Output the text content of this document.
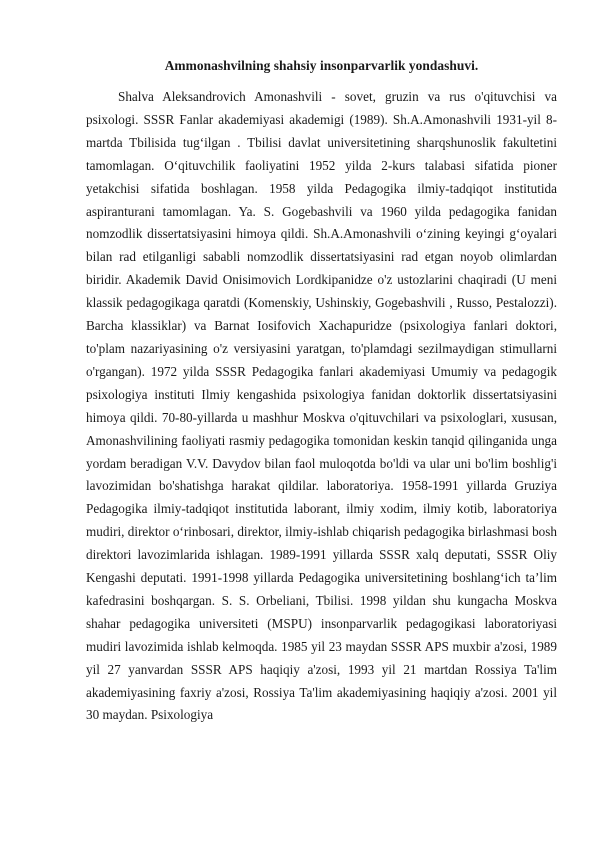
Ammonashvilning shahsiy insonparvarlik yondashuvi.

Shalva Aleksandrovich Amonashvili - sovet, gruzin va rus o'qituvchisi va psixologi. SSSR Fanlar akademiyasi akademigi (1989). Sh.A.Amonashvili 1931-yil 8-martda Tbilisida tug‘ilgan . Tbilisi davlat universitetining sharqshunoslik fakultetini tamomlagan. O‘qituvchilik faoliyatini 1952 yilda 2-kurs talabasi sifatida pioner yetakchisi sifatida boshlagan. 1958 yilda Pedagogika ilmiy-tadqiqot institutida aspiranturani tamomlagan. Ya. S. Gogebashvili va 1960 yilda pedagogika fanidan nomzodlik dissertatsiyasini himoya qildi. Sh.A.Amonashvili o‘zining keyingi g‘oyalari bilan rad etilganligi sababli nomzodlik dissertatsiyasini rad etgan noyob olimlardan biridir. Akademik David Onisimovich Lordkipanidze o'z ustozlarini chaqiradi (U meni klassik pedagogikaga qaratdi (Komenskiy, Ushinskiy, Gogebashvili , Russo, Pestalozzi). Barcha klassiklar) va Barnat Iosifovich Xachapuridze (psixologiya fanlari doktori, to'plam nazariyasining o'z versiyasini yaratgan, to'plamdagi sezilmaydigan stimullarni o'rgangan). 1972 yilda SSSR Pedagogika fanlari akademiyasi Umumiy va pedagogik psixologiya instituti Ilmiy kengashida psixologiya fanidan doktorlik dissertatsiyasini himoya qildi. 70-80-yillarda u mashhur Moskva o'qituvchilari va psixologlari, xususan, Amonashvilining faoliyati rasmiy pedagogika tomonidan keskin tanqid qilinganida unga yordam beradigan V.V. Davydov bilan faol muloqotda bo'ldi va ular uni bo'lim boshlig'i lavozimidan bo'shatishga harakat qildilar. laboratoriya. 1958-1991 yillarda Gruziya Pedagogika ilmiy-tadqiqot institutida laborant, ilmiy xodim, ilmiy kotib, laboratoriya mudiri, direktor o‘rinbosari, direktor, ilmiy-ishlab chiqarish pedagogika birlashmasi bosh direktori lavozimlarida ishlagan. 1989-1991 yillarda SSSR xalq deputati, SSSR Oliy Kengashi deputati. 1991-1998 yillarda Pedagogika universitetining boshlang‘ich ta’lim kafedrasini boshqargan. S. S. Orbeliani, Tbilisi. 1998 yildan shu kungacha Moskva shahar pedagogika universiteti (MSPU) insonparvarlik pedagogikasi laboratoriyasi mudiri lavozimida ishlab kelmoqda. 1985 yil 23 maydan SSSR APS muxbir a'zosi, 1989 yil 27 yanvardan SSSR APS haqiqiy a'zosi, 1993 yil 21 martdan Rossiya Ta'lim akademiyasining faxriy a'zosi, Rossiya Ta'lim akademiyasining haqiqiy a'zosi. 2001 yil 30 maydan. Psixologiya
